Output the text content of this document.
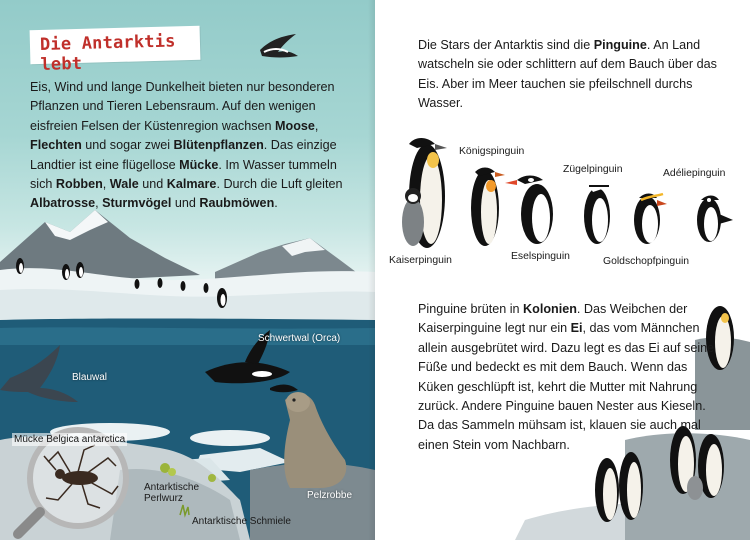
Die Antarktis lebt

Eis, Wind und lange Dunkelheit bieten nur besonderen Pflanzen und Tieren Lebensraum. Auf den wenigen eisfreien Felsen der Küstenregion wachsen Moose, Flechten und sogar zwei Blütenpflanzen. Das einzige Landtier ist eine flügellose Mücke. Im Wasser tummeln sich Robben, Wale und Kalmare. Durch die Luft gleiten Albatrosse, Sturmvögel und Raubmöwen.

Mücke Belgica antarctica
Blauwal
Schwertwal (Orca)
Antarktische Perlwurz	Pelzrobbe
Antarktische Schmiele

Die Stars der Antarktis sind die Pinguine. An Land watscheln sie oder schlittern auf dem Bauch über das Eis. Aber im Meer tauchen sie pfeilschnell durchs Wasser.

Königspinguin
Zügelpinguin	Adéliepinguin
Kaiserpinguin	Eselspinguin	Goldschopfpinguin

Pinguine brüten in Kolonien. Das Weibchen der Kaiserpinguine legt nur ein Ei, das vom Männchen allein ausgebrütet wird. Dazu legt es das Ei auf seine Füße und bedeckt es mit dem Bauch. Wenn das Küken geschlüpft ist, kehrt die Mutter mit Nahrung zurück. Andere Pinguine bauen Nester aus Kieseln. Da das Sammeln mühsam ist, klauen sie auch mal einen Stein vom Nachbarn.
